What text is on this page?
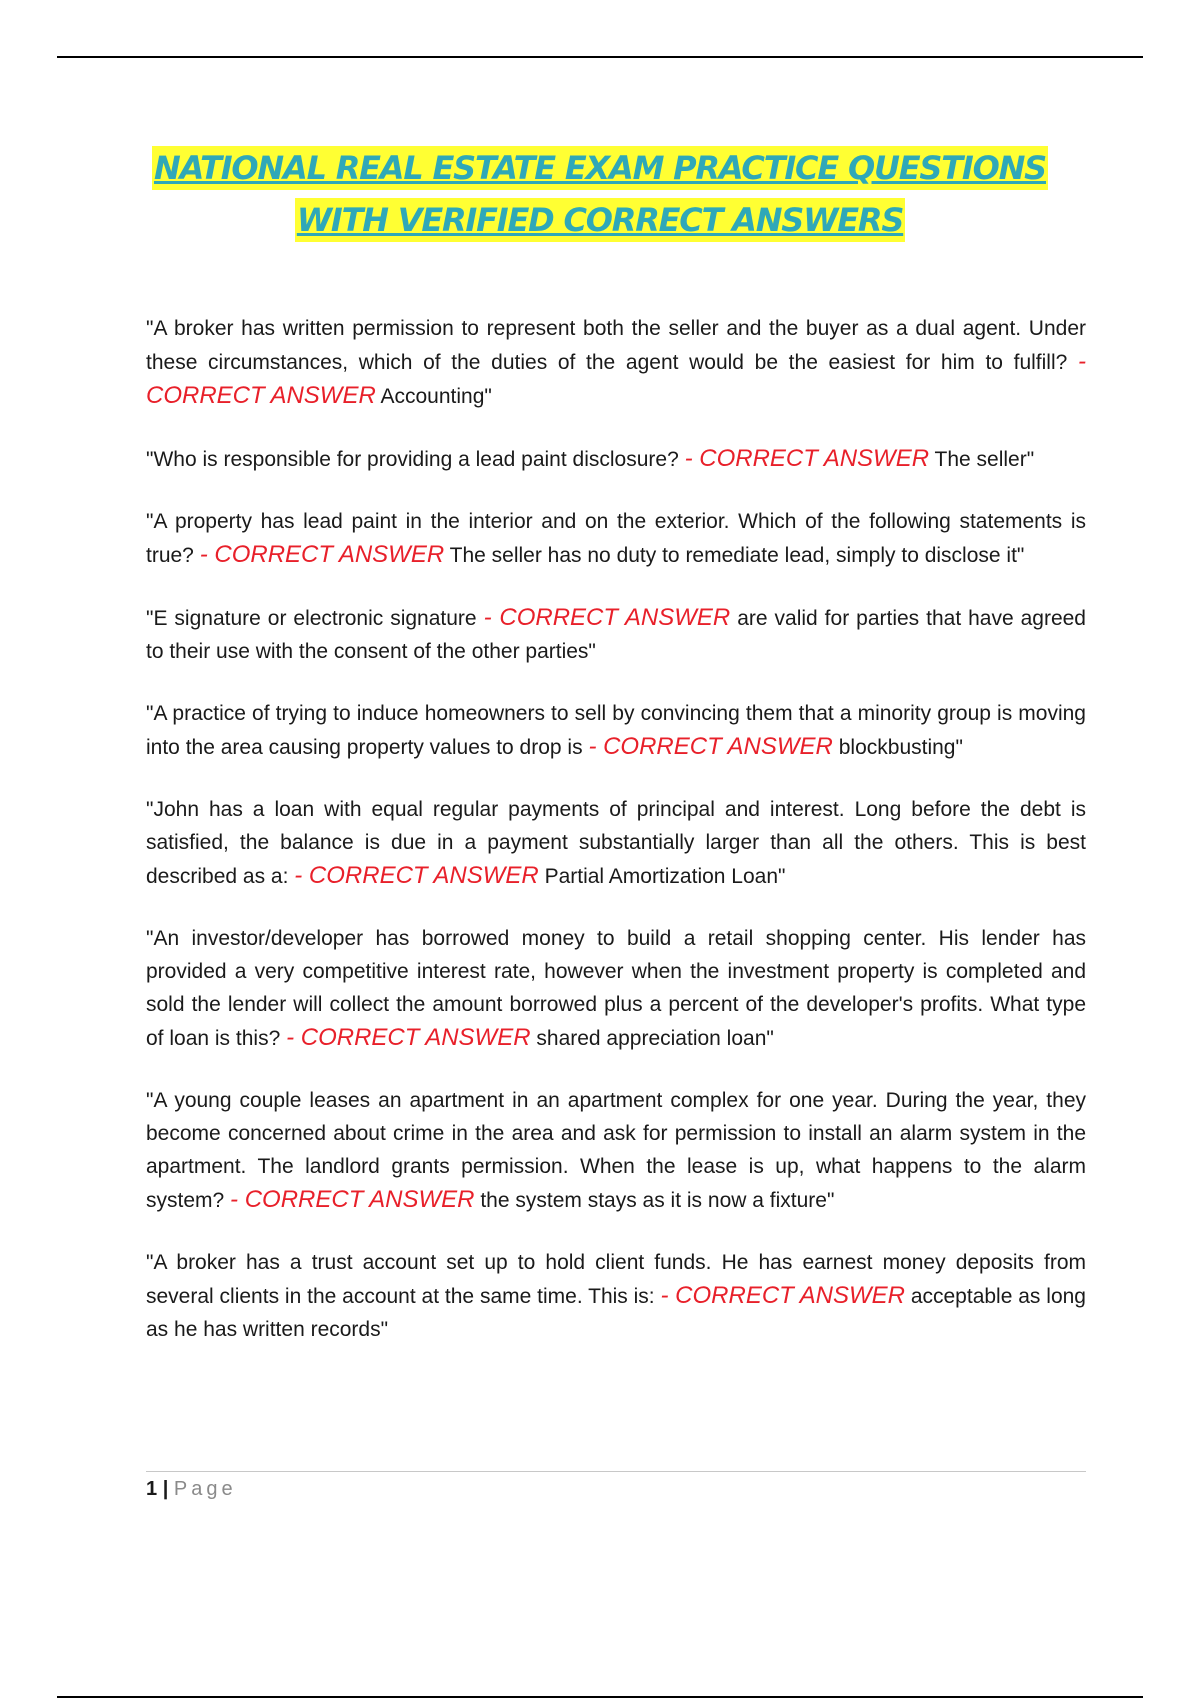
NATIONAL REAL ESTATE EXAM PRACTICE QUESTIONS
WITH VERIFIED CORRECT ANSWERS

"A broker has written permission to represent both the seller and the buyer as a dual agent. Under these circumstances, which of the duties of the agent would be the easiest for him to fulfill? - CORRECT ANSWER Accounting"

"Who is responsible for providing a lead paint disclosure? - CORRECT ANSWER The seller"

"A property has lead paint in the interior and on the exterior. Which of the following statements is true? - CORRECT ANSWER The seller has no duty to remediate lead, simply to disclose it"

"E signature or electronic signature - CORRECT ANSWER are valid for parties that have agreed to their use with the consent of the other parties"

"A practice of trying to induce homeowners to sell by convincing them that a minority group is moving into the area causing property values to drop is - CORRECT ANSWER blockbusting"

"John has a loan with equal regular payments of principal and interest. Long before the debt is satisfied, the balance is due in a payment substantially larger than all the others. This is best described as a: - CORRECT ANSWER Partial Amortization Loan"

"An investor/developer has borrowed money to build a retail shopping center. His lender has provided a very competitive interest rate, however when the investment property is completed and sold the lender will collect the amount borrowed plus a percent of the developer's profits. What type of loan is this? - CORRECT ANSWER shared appreciation loan"

"A young couple leases an apartment in an apartment complex for one year. During the year, they become concerned about crime in the area and ask for permission to install an alarm system in the apartment. The landlord grants permission. When the lease is up, what happens to the alarm system? - CORRECT ANSWER the system stays as it is now a fixture"

"A broker has a trust account set up to hold client funds. He has earnest money deposits from several clients in the account at the same time. This is: - CORRECT ANSWER acceptable as long as he has written records"

1 | Page
